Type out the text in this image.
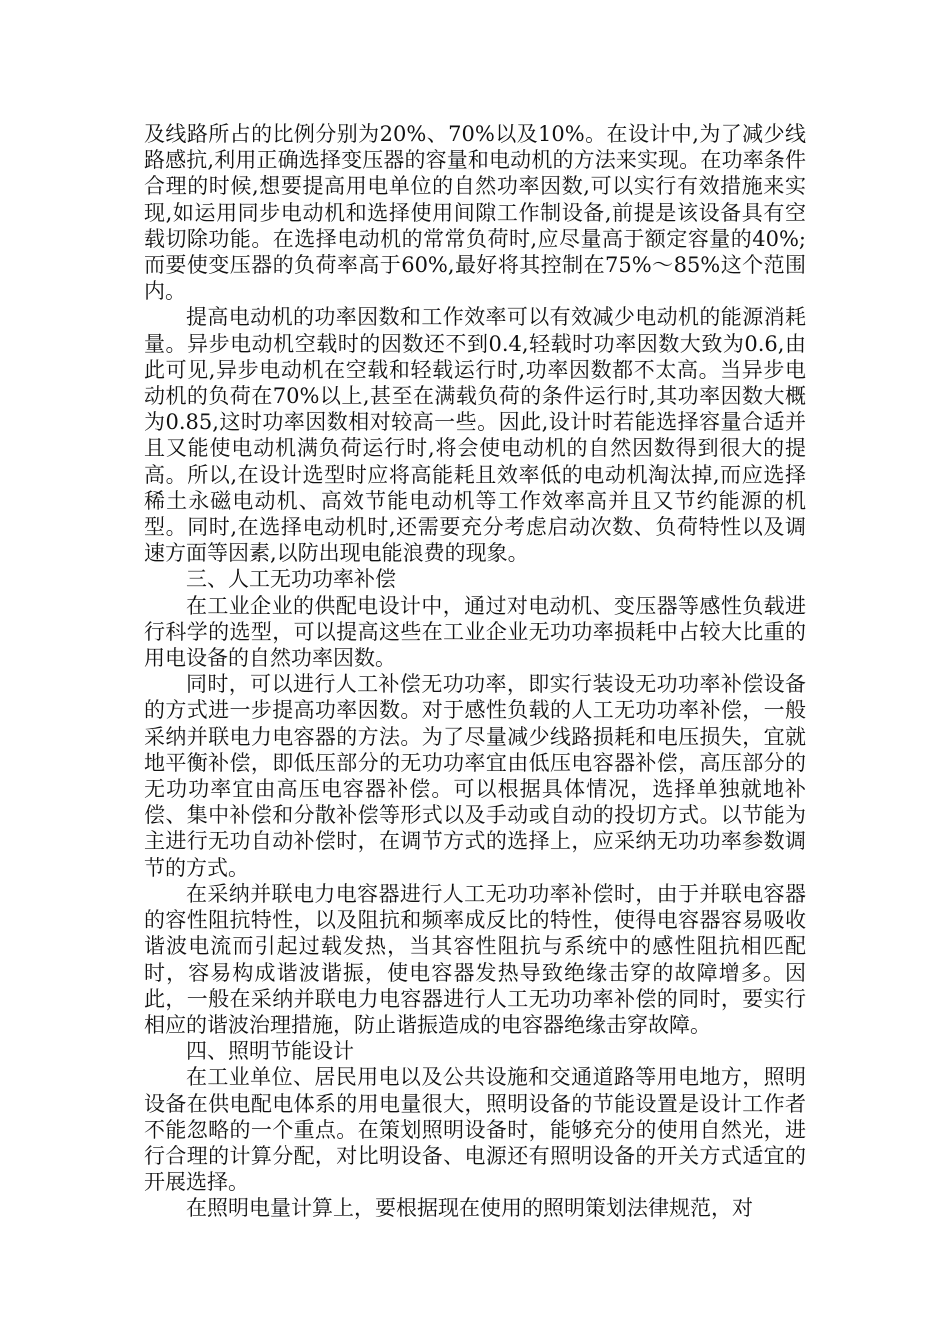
及线路所占的比例分别为20%、70%以及10%。在设计中,为了减少线路感抗,利用正确选择变压器的容量和电动机的方法来实现。在功率条件合理的时候,想要提高用电单位的自然功率因数,可以实行有效措施来实现,如运用同步电动机和选择使用间隙工作制设备,前提是该设备具有空载切除功能。在选择电动机的常常负荷时,应尽量高于额定容量的40%;而要使变压器的负荷率高于60%,最好将其控制在75%～85%这个范围内。

提高电动机的功率因数和工作效率可以有效减少电动机的能源消耗量。异步电动机空载时的因数还不到0.4,轻载时功率因数大致为0.6,由此可见,异步电动机在空载和轻载运行时,功率因数都不太高。当异步电动机的负荷在70%以上,甚至在满载负荷的条件运行时,其功率因数大概为0.85,这时功率因数相对较高一些。因此,设计时若能选择容量合适并且又能使电动机满负荷运行时,将会使电动机的自然因数得到很大的提高。所以,在设计选型时应将高能耗且效率低的电动机淘汰掉,而应选择稀土永磁电动机、高效节能电动机等工作效率高并且又节约能源的机型。同时,在选择电动机时,还需要充分考虑启动次数、负荷特性以及调速方面等因素,以防出现电能浪费的现象。

三、人工无功功率补偿

在工业企业的供配电设计中，通过对电动机、变压器等感性负载进行科学的选型，可以提高这些在工业企业无功功率损耗中占较大比重的用电设备的自然功率因数。

同时，可以进行人工补偿无功功率，即实行装设无功功率补偿设备的方式进一步提高功率因数。对于感性负载的人工无功功率补偿，一般采纳并联电力电容器的方法。为了尽量减少线路损耗和电压损失，宜就地平衡补偿，即低压部分的无功功率宜由低压电容器补偿，高压部分的无功功率宜由高压电容器补偿。可以根据具体情况，选择单独就地补偿、集中补偿和分散补偿等形式以及手动或自动的投切方式。以节能为主进行无功自动补偿时，在调节方式的选择上，应采纳无功功率参数调节的方式。

在采纳并联电力电容器进行人工无功功率补偿时，由于并联电容器的容性阻抗特性，以及阻抗和频率成反比的特性，使得电容器容易吸收谐波电流而引起过载发热，当其容性阻抗与系统中的感性阻抗相匹配时，容易构成谐波谐振，使电容器发热导致绝缘击穿的故障增多。因此，一般在采纳并联电力电容器进行人工无功功率补偿的同时，要实行相应的谐波治理措施，防止谐振造成的电容器绝缘击穿故障。

四、照明节能设计

在工业单位、居民用电以及公共设施和交通道路等用电地方，照明设备在供电配电体系的用电量很大，照明设备的节能设置是设计工作者不能忽略的一个重点。在策划照明设备时，能够充分的使用自然光，进行合理的计算分配，对比明设备、电源还有照明设备的开关方式适宜的开展选择。

在照明电量计算上，要根据现在使用的照明策划法律规范，对
